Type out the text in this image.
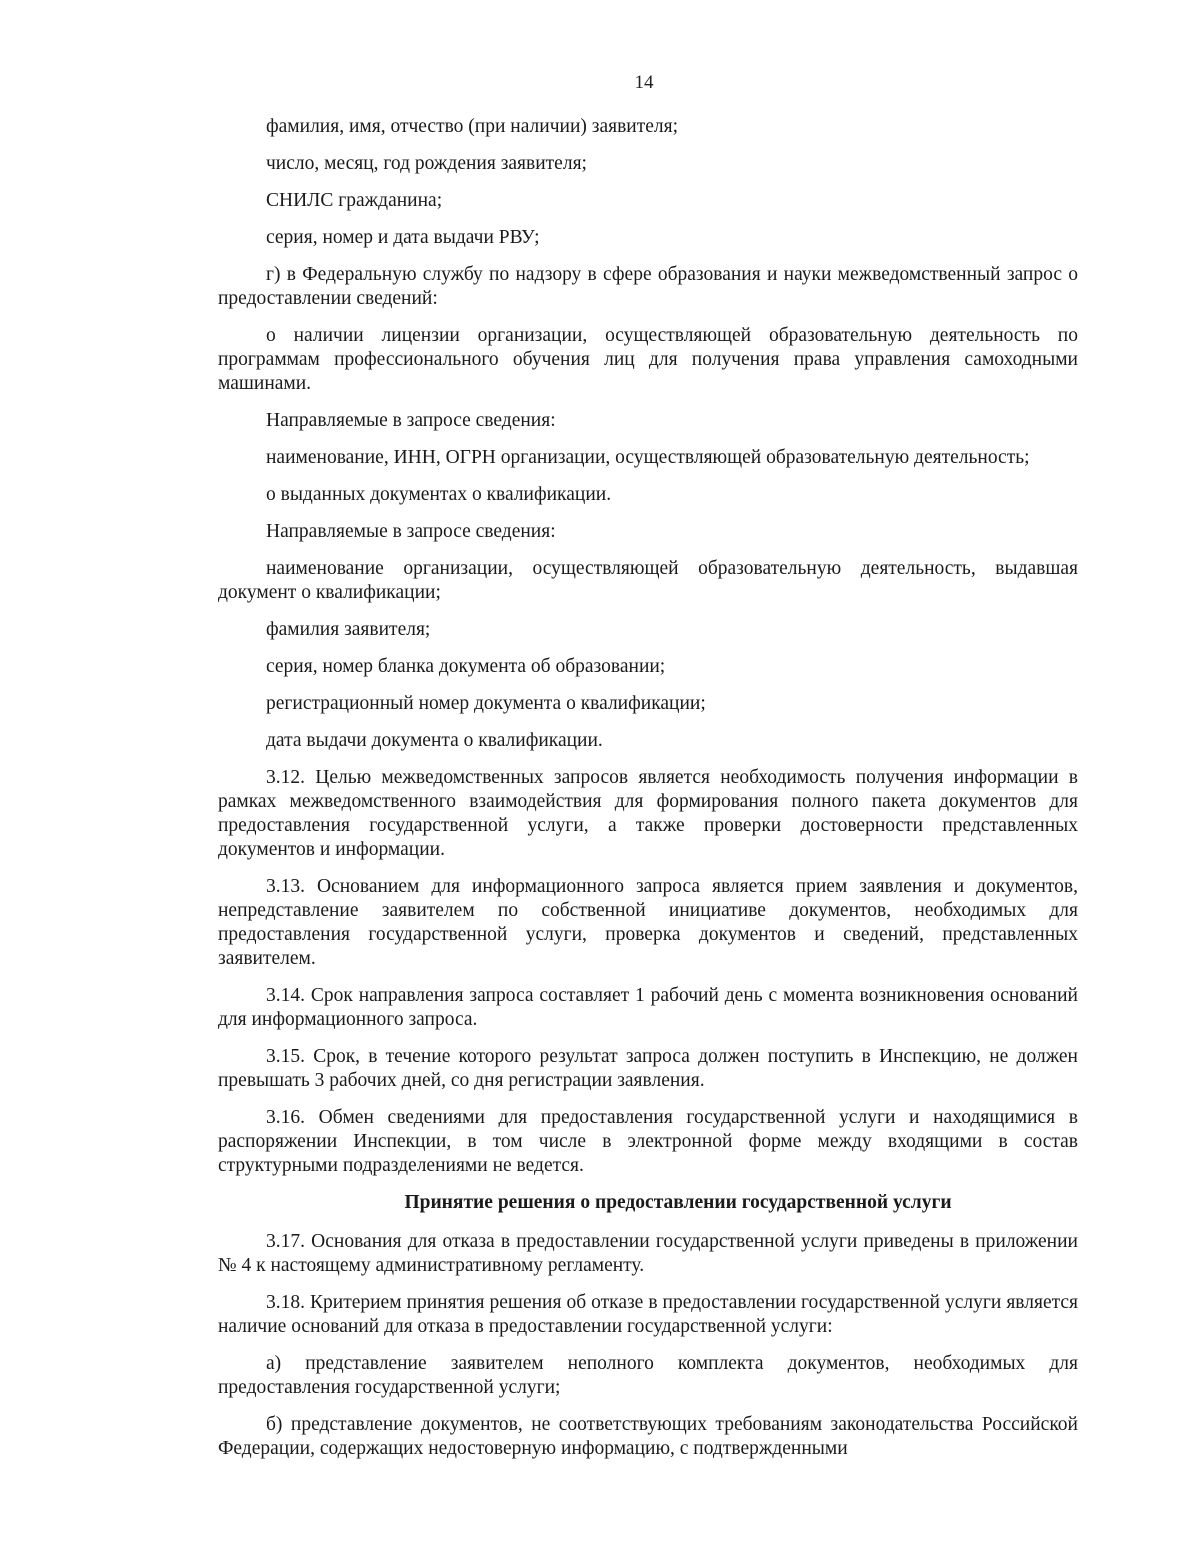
14

фамилия, имя, отчество (при наличии) заявителя;

число, месяц, год рождения заявителя;

СНИЛС гражданина;

серия, номер и дата выдачи РВУ;

г) в Федеральную службу по надзору в сфере образования и науки межведомственный запрос о предоставлении сведений:

о наличии лицензии организации, осуществляющей образовательную деятельность по программам профессионального обучения лиц для получения права управления самоходными машинами.

Направляемые в запросе сведения:

наименование, ИНН, ОГРН организации, осуществляющей образовательную деятельность;

о выданных документах о квалификации.

Направляемые в запросе сведения:

наименование организации, осуществляющей образовательную деятельность, выдавшая документ о квалификации;

фамилия заявителя;

серия, номер бланка документа об образовании;

регистрационный номер документа о квалификации;

дата выдачи документа о квалификации.

3.12. Целью межведомственных запросов является необходимость получения информации в рамках межведомственного взаимодействия для формирования полного пакета документов для предоставления государственной услуги, а также проверки достоверности представленных документов и информации.

3.13. Основанием для информационного запроса является прием заявления и документов, непредставление заявителем по собственной инициативе документов, необходимых для предоставления государственной услуги, проверка документов и сведений, представленных заявителем.

3.14. Срок направления запроса составляет 1 рабочий день с момента возникновения оснований для информационного запроса.

3.15. Срок, в течение которого результат запроса должен поступить в Инспекцию, не должен превышать 3 рабочих дней, со дня регистрации заявления.

3.16. Обмен сведениями для предоставления государственной услуги и находящимися в распоряжении Инспекции, в том числе в электронной форме между входящими в состав структурными подразделениями не ведется.

Принятие решения о предоставлении государственной услуги

3.17. Основания для отказа в предоставлении государственной услуги приведены в приложении № 4 к настоящему административному регламенту.

3.18. Критерием принятия решения об отказе в предоставлении государственной услуги является наличие оснований для отказа в предоставлении государственной услуги:

а) представление заявителем неполного комплекта документов, необходимых для предоставления государственной услуги;

б) представление документов, не соответствующих требованиям законодательства Российской Федерации, содержащих недостоверную информацию, с подтвержденными
